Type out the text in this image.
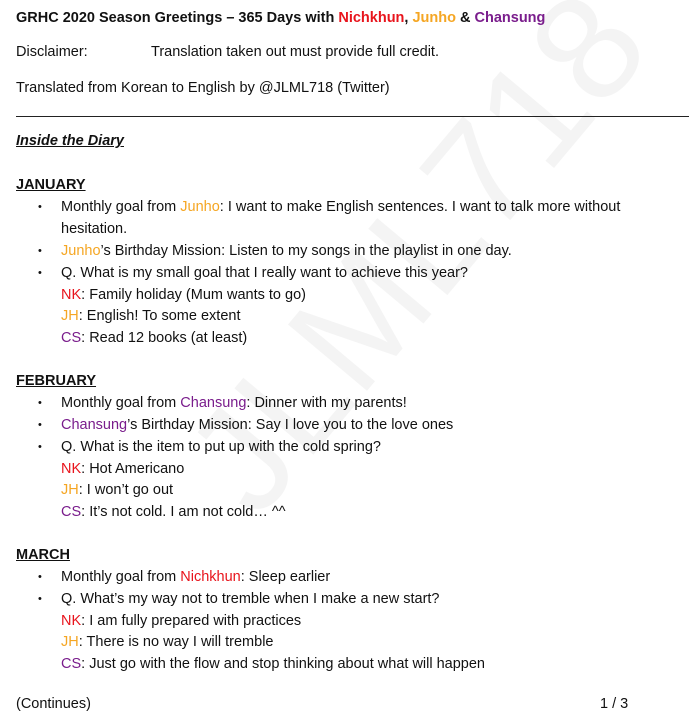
GRHC 2020 Season Greetings – 365 Days with Nichkhun, Junho & Chansung
Disclaimer:	Translation taken out must provide full credit.
Translated from Korean to English by @JLML718 (Twitter)
Inside the Diary
JANUARY
• Monthly goal from Junho: I want to make English sentences. I want to talk more without hesitation.
• Junho’s Birthday Mission: Listen to my songs in the playlist in one day.
• Q. What is my small goal that I really want to achieve this year?
NK: Family holiday (Mum wants to go)
JH: English! To some extent
CS: Read 12 books (at least)
FEBRUARY
• Monthly goal from Chansung: Dinner with my parents!
• Chansung’s Birthday Mission: Say I love you to the love ones
• Q. What is the item to put up with the cold spring?
NK: Hot Americano
JH: I won’t go out
CS: It’s not cold. I am not cold… ^^
MARCH
• Monthly goal from Nichkhun: Sleep earlier
• Q. What’s my way not to tremble when I make a new start?
NK: I am fully prepared with practices
JH: There is no way I will tremble
CS: Just go with the flow and stop thinking about what will happen
(Continues)	1 / 3
